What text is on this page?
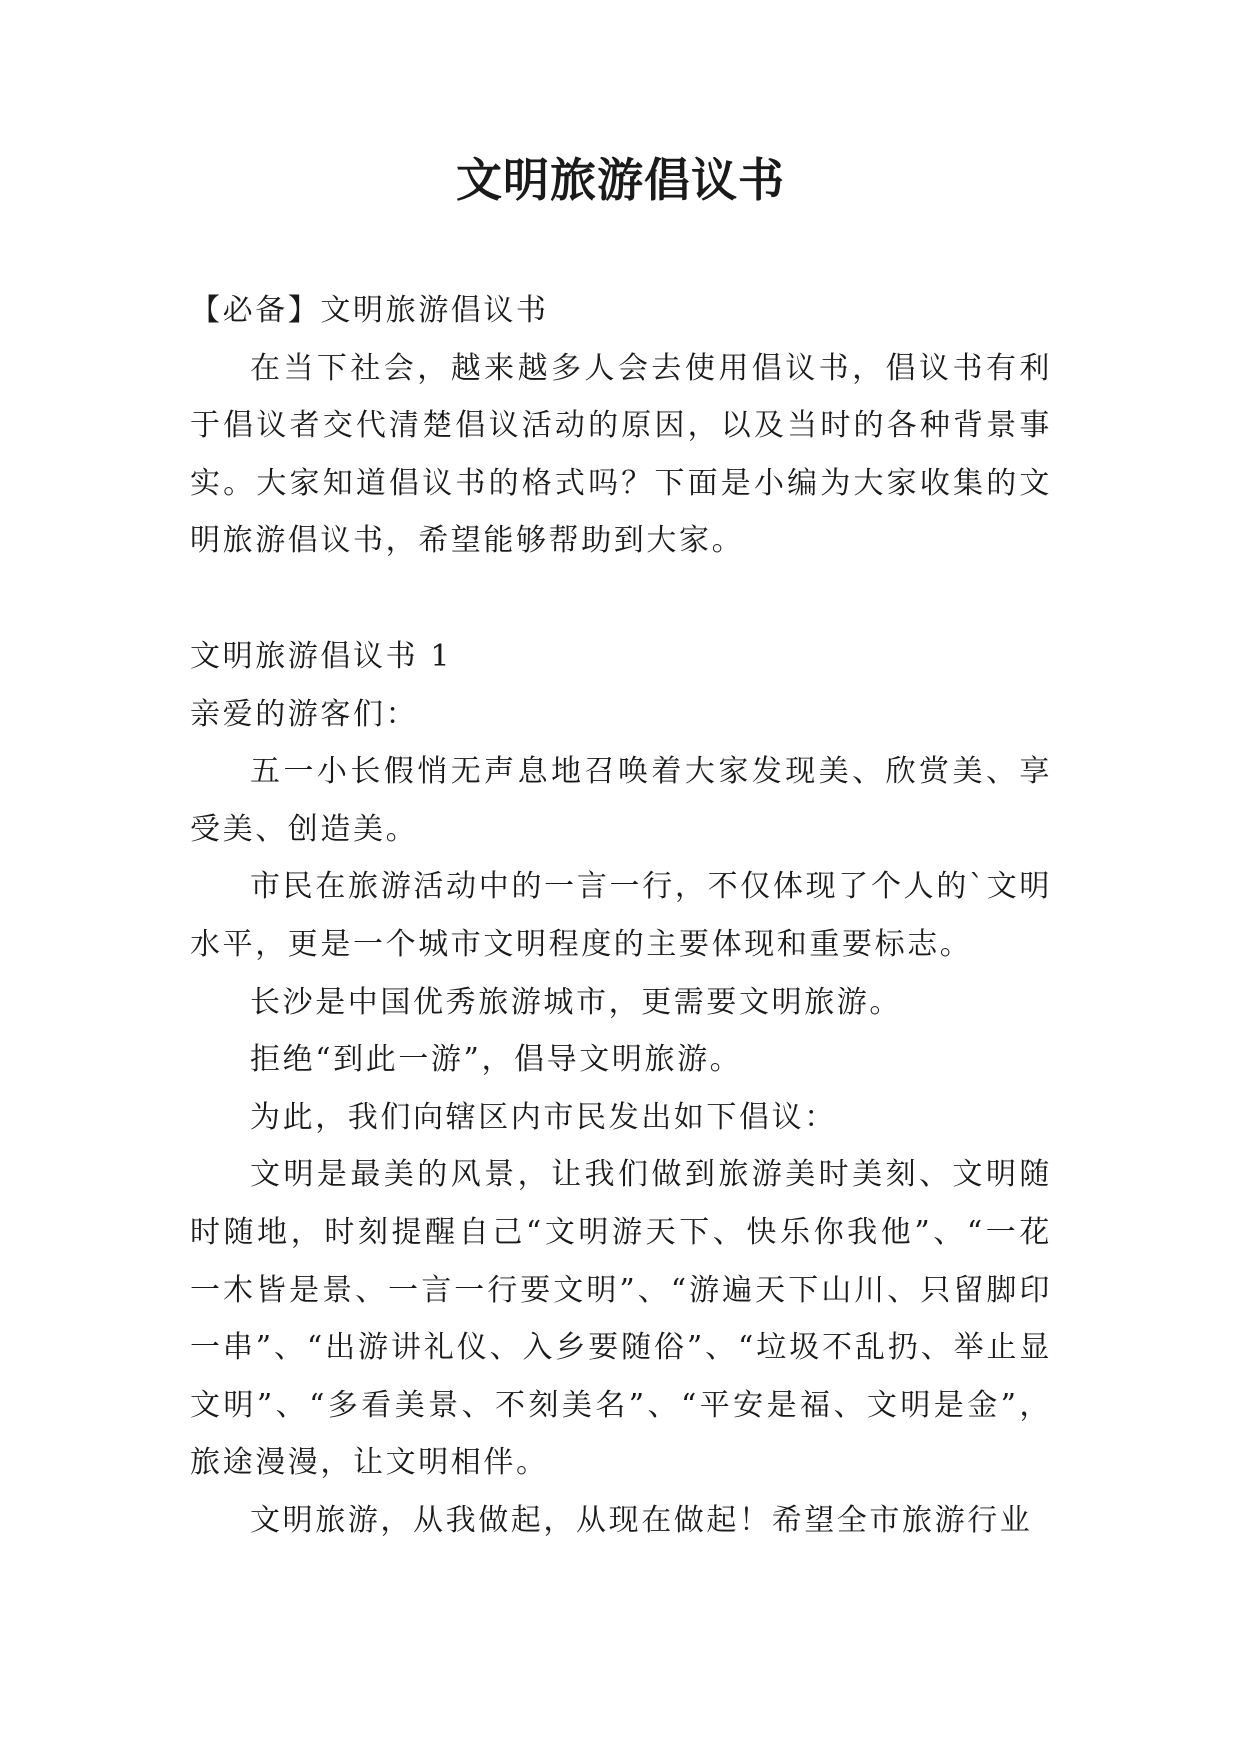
文明旅游倡议书

【必备】文明旅游倡议书

在当下社会，越来越多人会去使用倡议书，倡议书有利于倡议者交代清楚倡议活动的原因，以及当时的各种背景事实。大家知道倡议书的格式吗？下面是小编为大家收集的文明旅游倡议书，希望能够帮助到大家。

文明旅游倡议书 1

亲爱的游客们：

五一小长假悄无声息地召唤着大家发现美、欣赏美、享受美、创造美。

市民在旅游活动中的一言一行，不仅体现了个人的`文明水平，更是一个城市文明程度的主要体现和重要标志。

长沙是中国优秀旅游城市，更需要文明旅游。

拒绝“到此一游”，倡导文明旅游。

为此，我们向辖区内市民发出如下倡议：

文明是最美的风景，让我们做到旅游美时美刻、文明随时随地，时刻提醒自己“文明游天下、快乐你我他”、“一花一木皆是景、一言一行要文明”、“游遍天下山川、只留脚印一串”、“出游讲礼仪、入乡要随俗”、“垃圾不乱扔、举止显文明”、“多看美景、不刻美名”、“平安是福、文明是金”，旅途漫漫，让文明相伴。

文明旅游，从我做起，从现在做起！希望全市旅游行业
